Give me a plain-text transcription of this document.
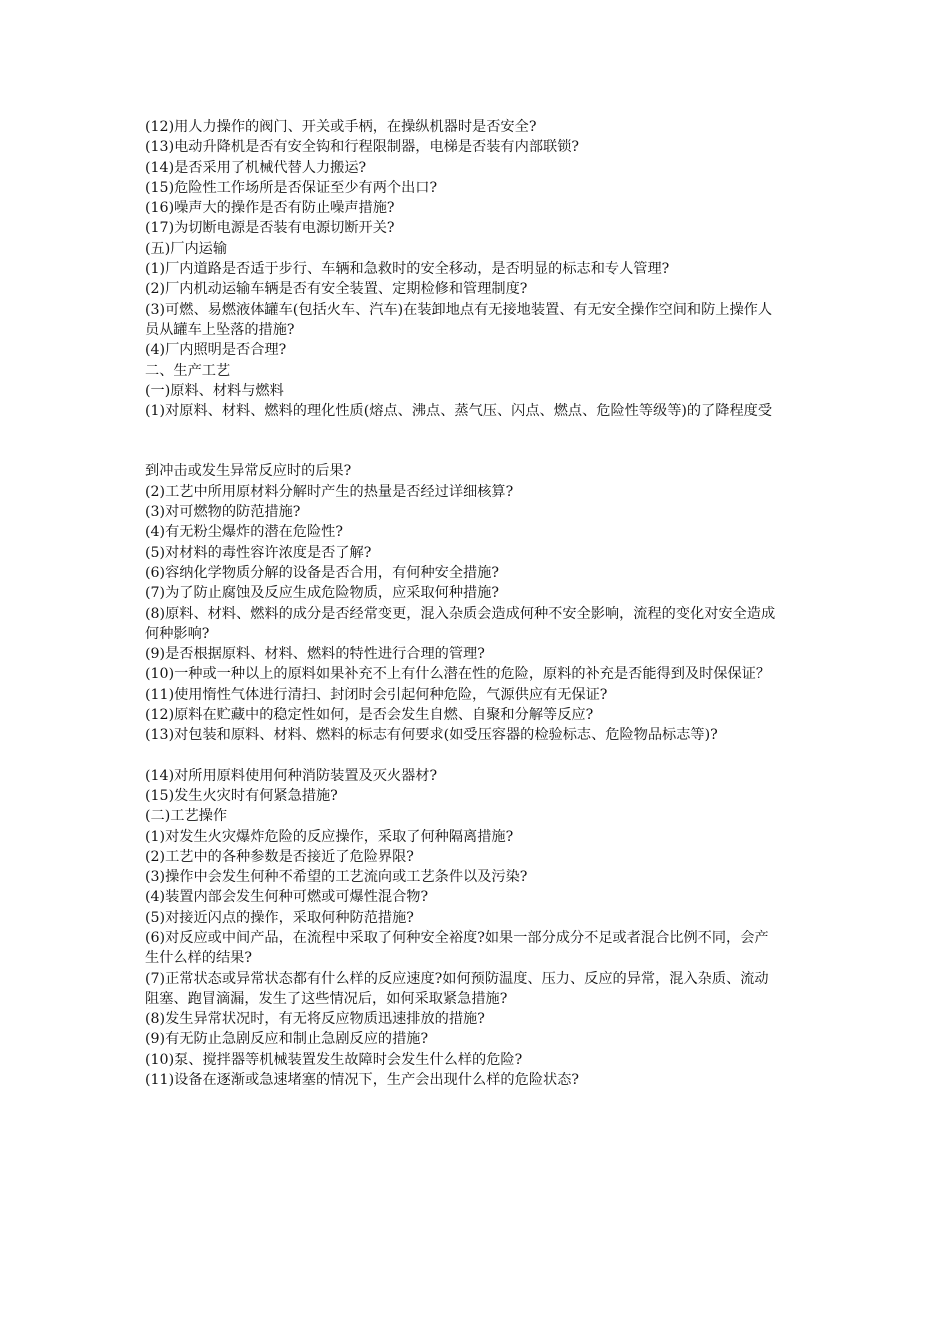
(12)用人力操作的阀门、开关或手柄，在操纵机器时是否安全?

(13)电动升降机是否有安全钩和行程限制器，电梯是否装有内部联锁?

(14)是否采用了机械代替人力搬运?

(15)危险性工作场所是否保证至少有两个出口?

(16)噪声大的操作是否有防止噪声措施?

(17)为切断电源是否装有电源切断开关?

(五)厂内运输

(1)厂内道路是否适于步行、车辆和急救时的安全移动，是否明显的标志和专人管理?

(2)厂内机动运输车辆是否有安全装置、定期检修和管理制度?

(3)可燃、易燃液体罐车(包括火车、汽车)在装卸地点有无接地装置、有无安全操作空间和防上操作人

员从罐车上坠落的措施?

(4)厂内照明是否合理?

二、生产工艺

(一)原料、材料与燃料

(1)对原料、材料、燃料的理化性质(熔点、沸点、蒸气压、闪点、燃点、危险性等级等)的了降程度受

到冲击或发生异常反应时的后果?

(2)工艺中所用原材料分解时产生的热量是否经过详细核算?

(3)对可燃物的防范措施?

(4)有无粉尘爆炸的潜在危险性?

(5)对材料的毒性容许浓度是否了解?

(6)容纳化学物质分解的设备是否合用，有何种安全措施?

(7)为了防止腐蚀及反应生成危险物质，应采取何种措施?

(8)原料、材料、燃料的成分是否经常变更，混入杂质会造成何种不安全影响，流程的变化对安全造成

何种影响?

(9)是否根据原料、材料、燃料的特性进行合理的管理?

(10)一种或一种以上的原料如果补充不上有什么潜在性的危险，原料的补充是否能得到及时保保证？

(11)使用惰性气体进行清扫、封闭时会引起何种危险，气源供应有无保证?

(12)原料在贮藏中的稳定性如何，是否会发生自燃、自聚和分解等反应?

(13)对包装和原料、材料、燃料的标志有何要求(如受压容器的检验标志、危险物品标志等)?

(14)对所用原料使用何种消防装置及灭火器材?

(15)发生火灾时有何紧急措施?

(二)工艺操作

(1)对发生火灾爆炸危险的反应操作，采取了何种隔离措施?

(2)工艺中的各种参数是否接近了危险界限?

(3)操作中会发生何种不希望的工艺流向或工艺条件以及污染?

(4)装置内部会发生何种可燃或可爆性混合物?

(5)对接近闪点的操作，采取何种防范措施?

(6)对反应或中间产品，在流程中采取了何种安全裕度?如果一部分成分不足或者混合比例不同，会产

生什么样的结果?

(7)正常状态或异常状态都有什么样的反应速度?如何预防温度、压力、反应的异常，混入杂质、流动

阻塞、跑冒滴漏，发生了这些情况后，如何采取紧急措施?

(8)发生异常状况时，有无将反应物质迅速排放的措施?

(9)有无防止急剧反应和制止急剧反应的措施?

(10)泵、搅拌器等机械装置发生故障时会发生什么样的危险?

(11)设备在逐渐或急速堵塞的情况下，生产会出现什么样的危险状态?
